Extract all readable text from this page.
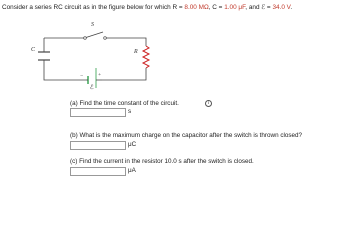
Consider a series RC circuit as in the figure below for which R = 8.00 MΩ, C = 1.00 μF, and ℰ = 34.0 V.
C
S
R
ℰ
+
−
i
(a) Find the time constant of the circuit.
s
(b) What is the maximum charge on the capacitor after the switch is thrown closed?
μC
(c) Find the current in the resistor 10.0 s after the switch is closed.
μA
